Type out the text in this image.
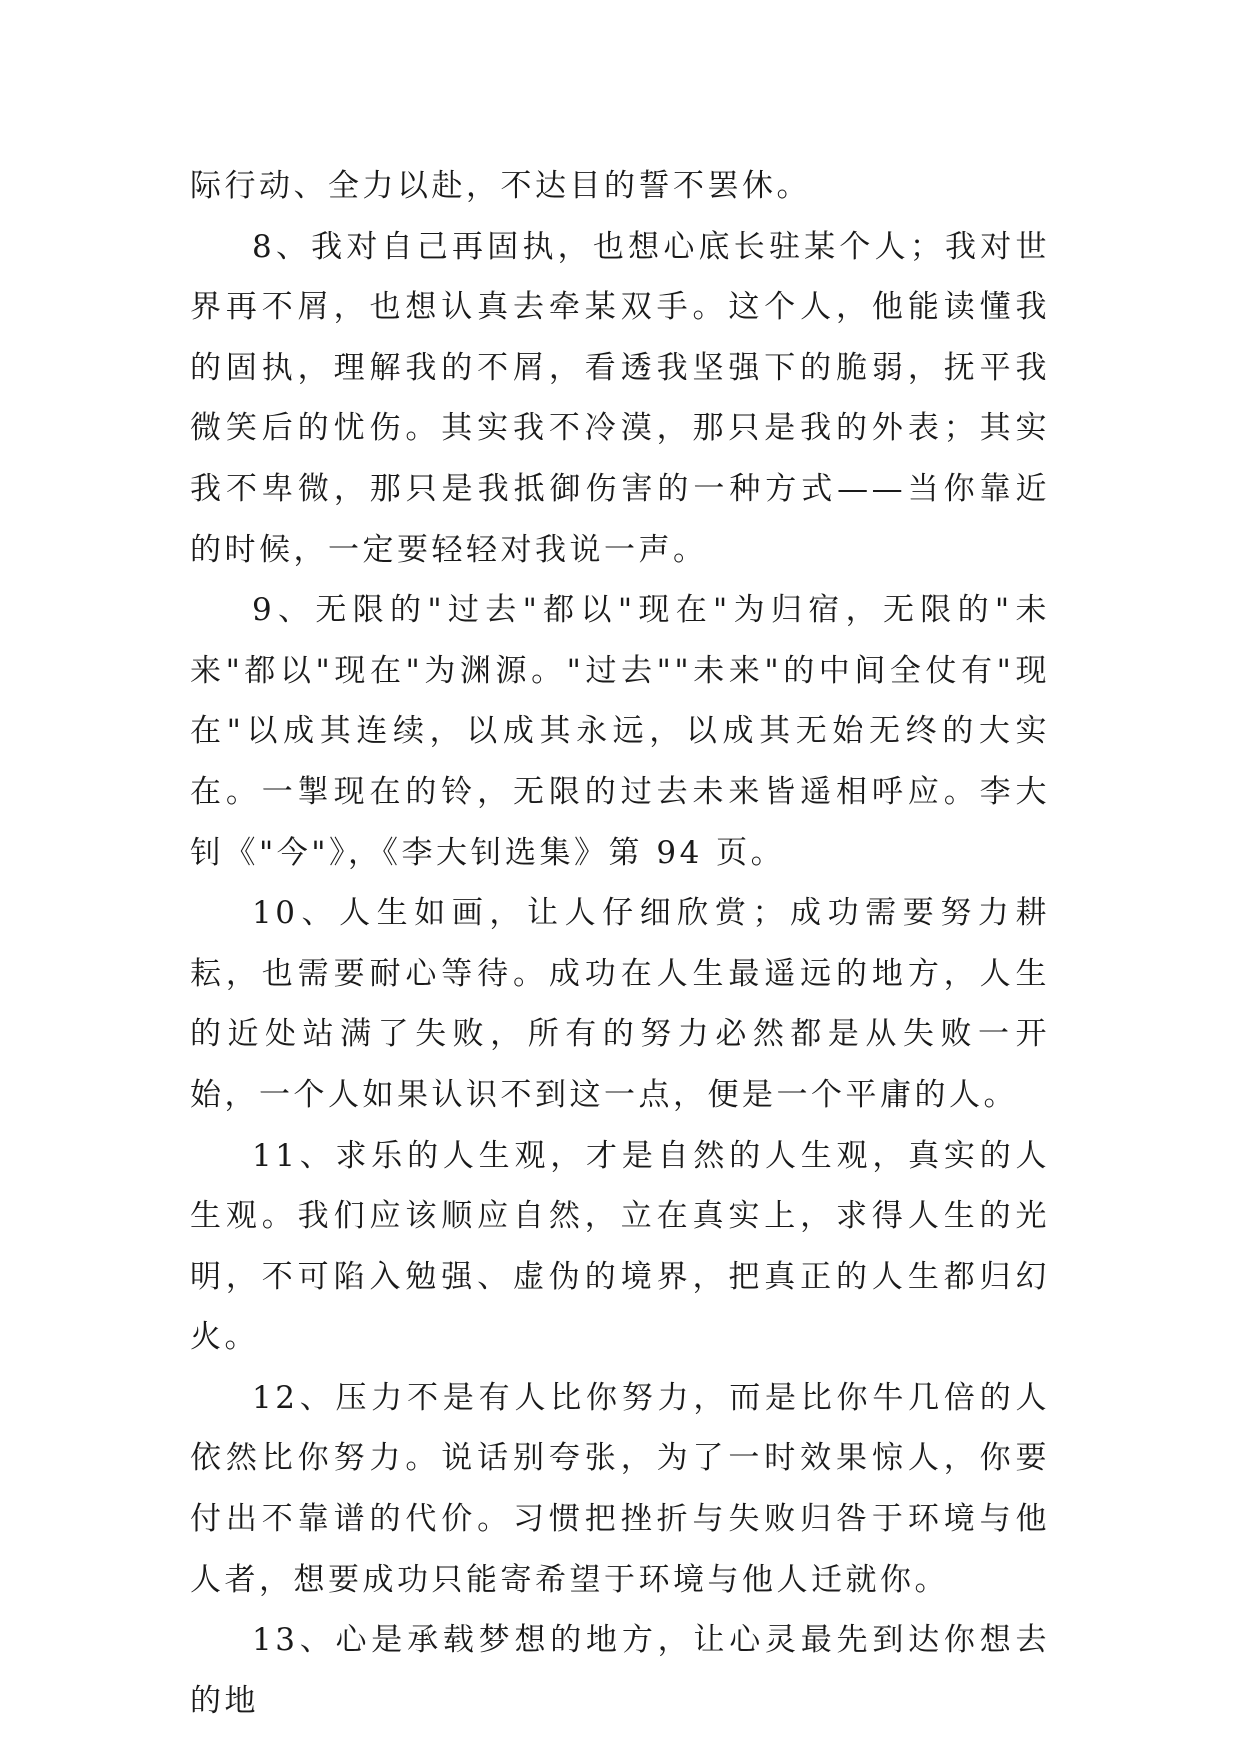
际行动、全力以赴，不达目的誓不罢休。

8、我对自己再固执，也想心底长驻某个人；我对世界再不屑，也想认真去牵某双手。这个人，他能读懂我的固执，理解我的不屑，看透我坚强下的脆弱，抚平我微笑后的忧伤。其实我不冷漠，那只是我的外表；其实我不卑微，那只是我抵御伤害的一种方式——当你靠近的时候，一定要轻轻对我说一声。

9、无限的"过去"都以"现在"为归宿，无限的"未来"都以"现在"为渊源。"过去""未来"的中间全仗有"现在"以成其连续，以成其永远，以成其无始无终的大实在。一掣现在的铃，无限的过去未来皆遥相呼应。李大钊《"今"》，《李大钊选集》第 94 页。

10、人生如画，让人仔细欣赏；成功需要努力耕耘，也需要耐心等待。成功在人生最遥远的地方，人生的近处站满了失败，所有的努力必然都是从失败一开始，一个人如果认识不到这一点，便是一个平庸的人。

11、求乐的人生观，才是自然的人生观，真实的人生观。我们应该顺应自然，立在真实上，求得人生的光明，不可陷入勉强、虚伪的境界，把真正的人生都归幻火。

12、压力不是有人比你努力，而是比你牛几倍的人依然比你努力。说话别夸张，为了一时效果惊人，你要付出不靠谱的代价。习惯把挫折与失败归咎于环境与他人者，想要成功只能寄希望于环境与他人迁就你。

13、心是承载梦想的地方，让心灵最先到达你想去的地
